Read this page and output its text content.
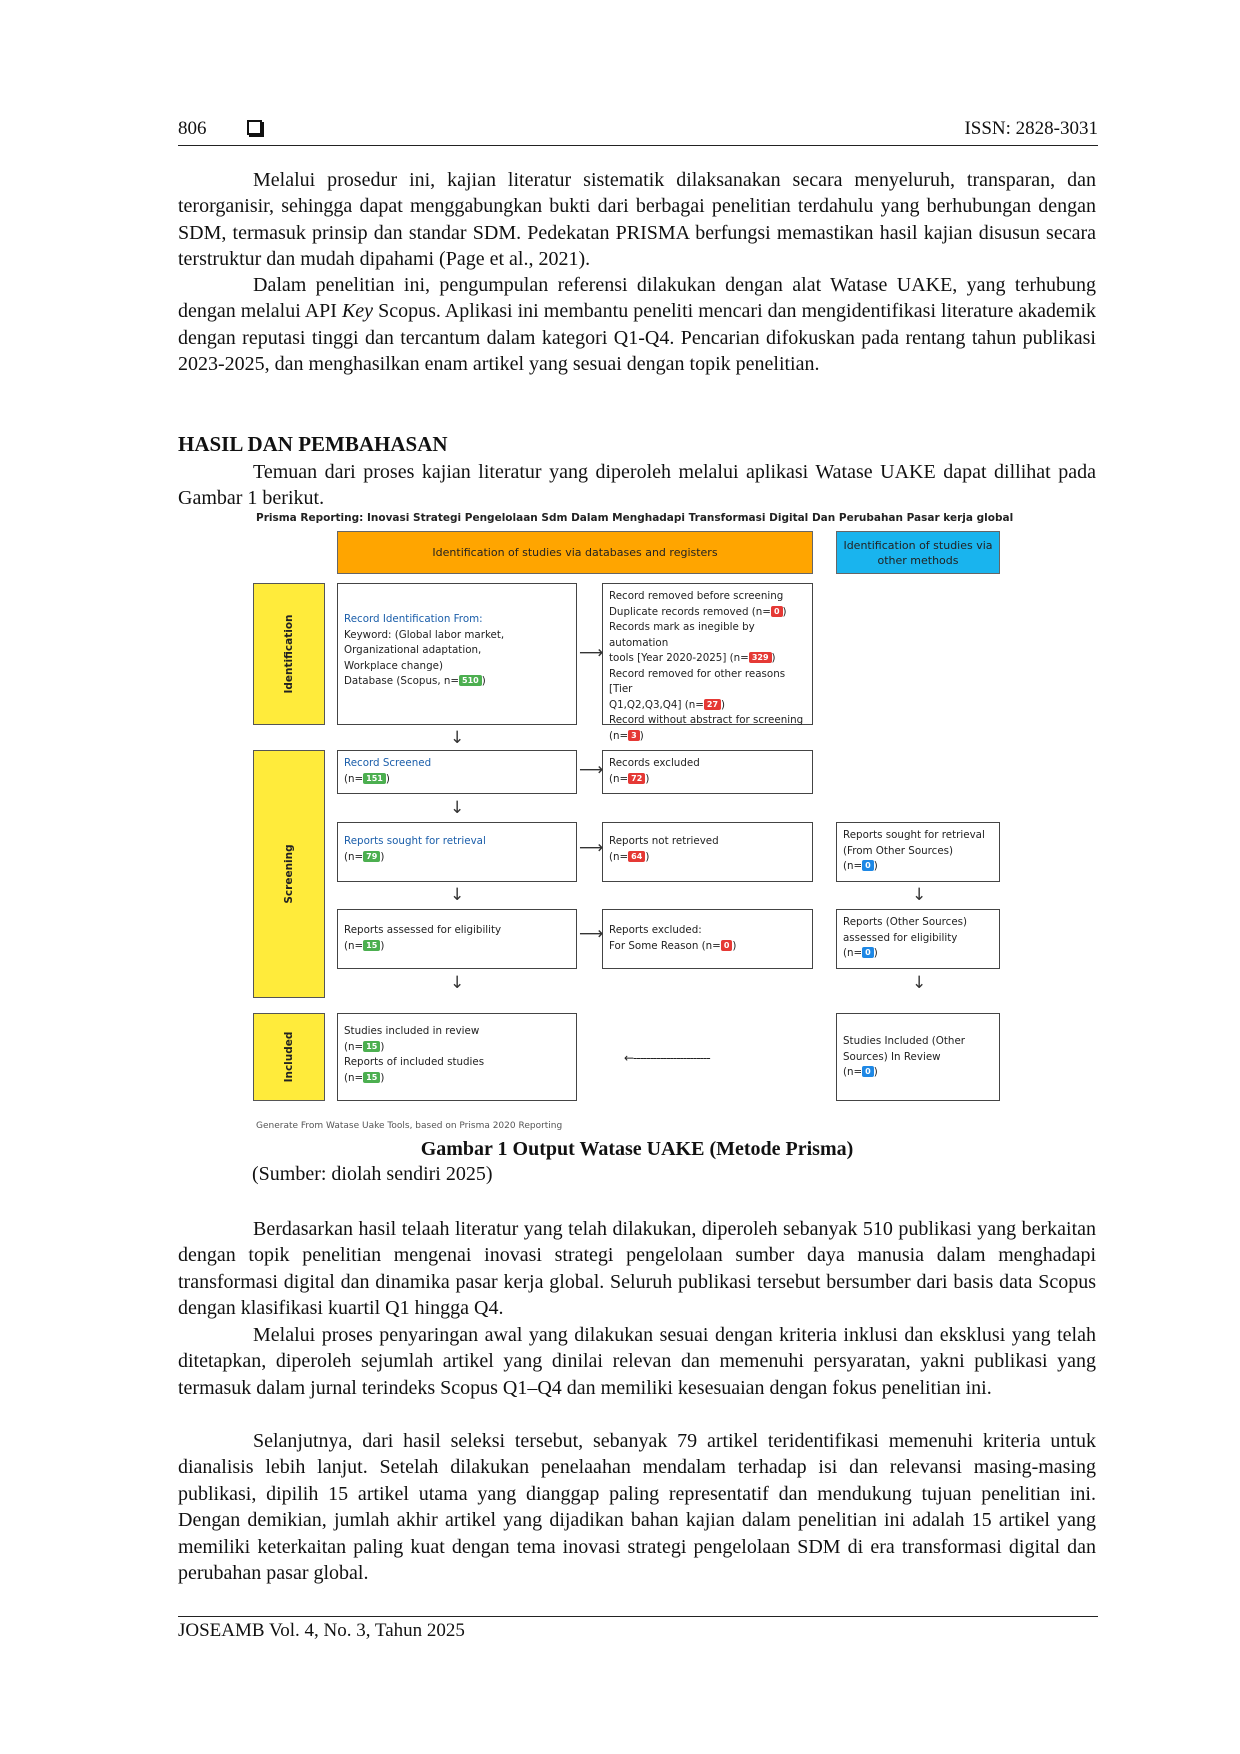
806	ISSN: 2828-3031

Melalui prosedur ini, kajian literatur sistematik dilaksanakan secara menyeluruh, transparan, dan terorganisir, sehingga dapat menggabungkan bukti dari berbagai penelitian terdahulu yang berhubungan dengan SDM, termasuk prinsip dan standar SDM. Pedekatan PRISMA berfungsi memastikan hasil kajian disusun secara terstruktur dan mudah dipahami (Page et al., 2021).

Dalam penelitian ini, pengumpulan referensi dilakukan dengan alat Watase UAKE, yang terhubung dengan melalui API Key Scopus. Aplikasi ini membantu peneliti mencari dan mengidentifikasi literature akademik dengan reputasi tinggi dan tercantum dalam kategori Q1-Q4. Pencarian difokuskan pada rentang tahun publikasi 2023-2025, dan menghasilkan enam artikel yang sesuai dengan topik penelitian.

HASIL DAN PEMBAHASAN

Temuan dari proses kajian literatur yang diperoleh melalui aplikasi Watase UAKE dapat dillihat pada Gambar 1 berikut.

Prisma Reporting: Inovasi Strategi Pengelolaan Sdm Dalam Menghadapi Transformasi Digital Dan Perubahan Pasar kerja global
Identification of studies via databases and registers
Identification of studies via other methods
Identification
Screening
Included
Record Identification From:
Keyword: (Global labor market,
Organizational adaptation,
Workplace change)
Database (Scopus, n= 510 )
Record removed before screening
Duplicate records removed (n= 0 )
Records mark as inegible by automation
tools [Year 2020-2025] (n= 329 )
Record removed for other reasons [Tier
Q1,Q2,Q3,Q4] (n= 27 )
Record without abstract for screening
(n= 3 )
⟶
↓
Record Screened
(n= 151 )
Records excluded
(n= 72 )
⟶
↓
Reports sought for retrieval
(n= 79 )
Reports not retrieved
(n= 64 )
Reports sought for retrieval
(From Other Sources)
(n= 0 )
⟶
↓	↓
Reports assessed for eligibility
(n= 15 )
Reports excluded:
For Some Reason (n= 0 )
Reports (Other Sources)
assessed for eligibility
(n= 0 )
⟶
↓	↓
Studies included in review
(n= 15 )
Reports of included studies
(n= 15 )
←-----------------------
Studies Included (Other
Sources) In Review
(n= 0 )
Generate From Watase Uake Tools, based on Prisma 2020 Reporting
Gambar 1 Output Watase UAKE (Metode Prisma)
(Sumber: diolah sendiri 2025)

Berdasarkan hasil telaah literatur yang telah dilakukan, diperoleh sebanyak 510 publikasi yang berkaitan dengan topik penelitian mengenai inovasi strategi pengelolaan sumber daya manusia dalam menghadapi transformasi digital dan dinamika pasar kerja global. Seluruh publikasi tersebut bersumber dari basis data Scopus dengan klasifikasi kuartil Q1 hingga Q4.

Melalui proses penyaringan awal yang dilakukan sesuai dengan kriteria inklusi dan eksklusi yang telah ditetapkan, diperoleh sejumlah artikel yang dinilai relevan dan memenuhi persyaratan, yakni publikasi yang termasuk dalam jurnal terindeks Scopus Q1–Q4 dan memiliki kesesuaian dengan fokus penelitian ini.

Selanjutnya, dari hasil seleksi tersebut, sebanyak 79 artikel teridentifikasi memenuhi kriteria untuk dianalisis lebih lanjut. Setelah dilakukan penelaahan mendalam terhadap isi dan relevansi masing-masing publikasi, dipilih 15 artikel utama yang dianggap paling representatif dan mendukung tujuan penelitian ini. Dengan demikian, jumlah akhir artikel yang dijadikan bahan kajian dalam penelitian ini adalah 15 artikel yang memiliki keterkaitan paling kuat dengan tema inovasi strategi pengelolaan SDM di era transformasi digital dan perubahan pasar global.

JOSEAMB Vol. 4, No. 3, Tahun 2025
